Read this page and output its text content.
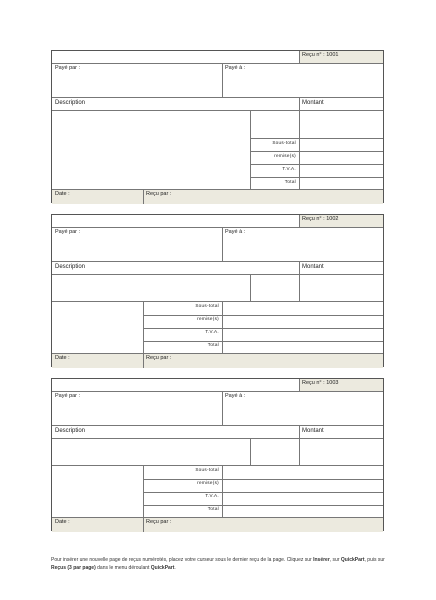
Reçu n° : 1001
Payé par :	Payé à :
Description	Montant
Sous-total
remise(s)
T.V.A.
Total
Date :	Reçu par :
Reçu n° : 1002
Payé par :	Payé à :
Description	Montant
Sous-total
remise(s)
T.V.A.
Total
Date :	Reçu par :
Reçu n° : 1003
Payé par :	Payé à :
Description	Montant
Sous-total
remise(s)
T.V.A.
Total
Date :	Reçu par :
Pour insérer une nouvelle page de reçus numérotés, placez votre curseur sous le dernier reçu de la page. Cliquez sur Insérer, sur QuickPart, puis sur Reçus (3 par page) dans le menu déroulant QuickPart.
